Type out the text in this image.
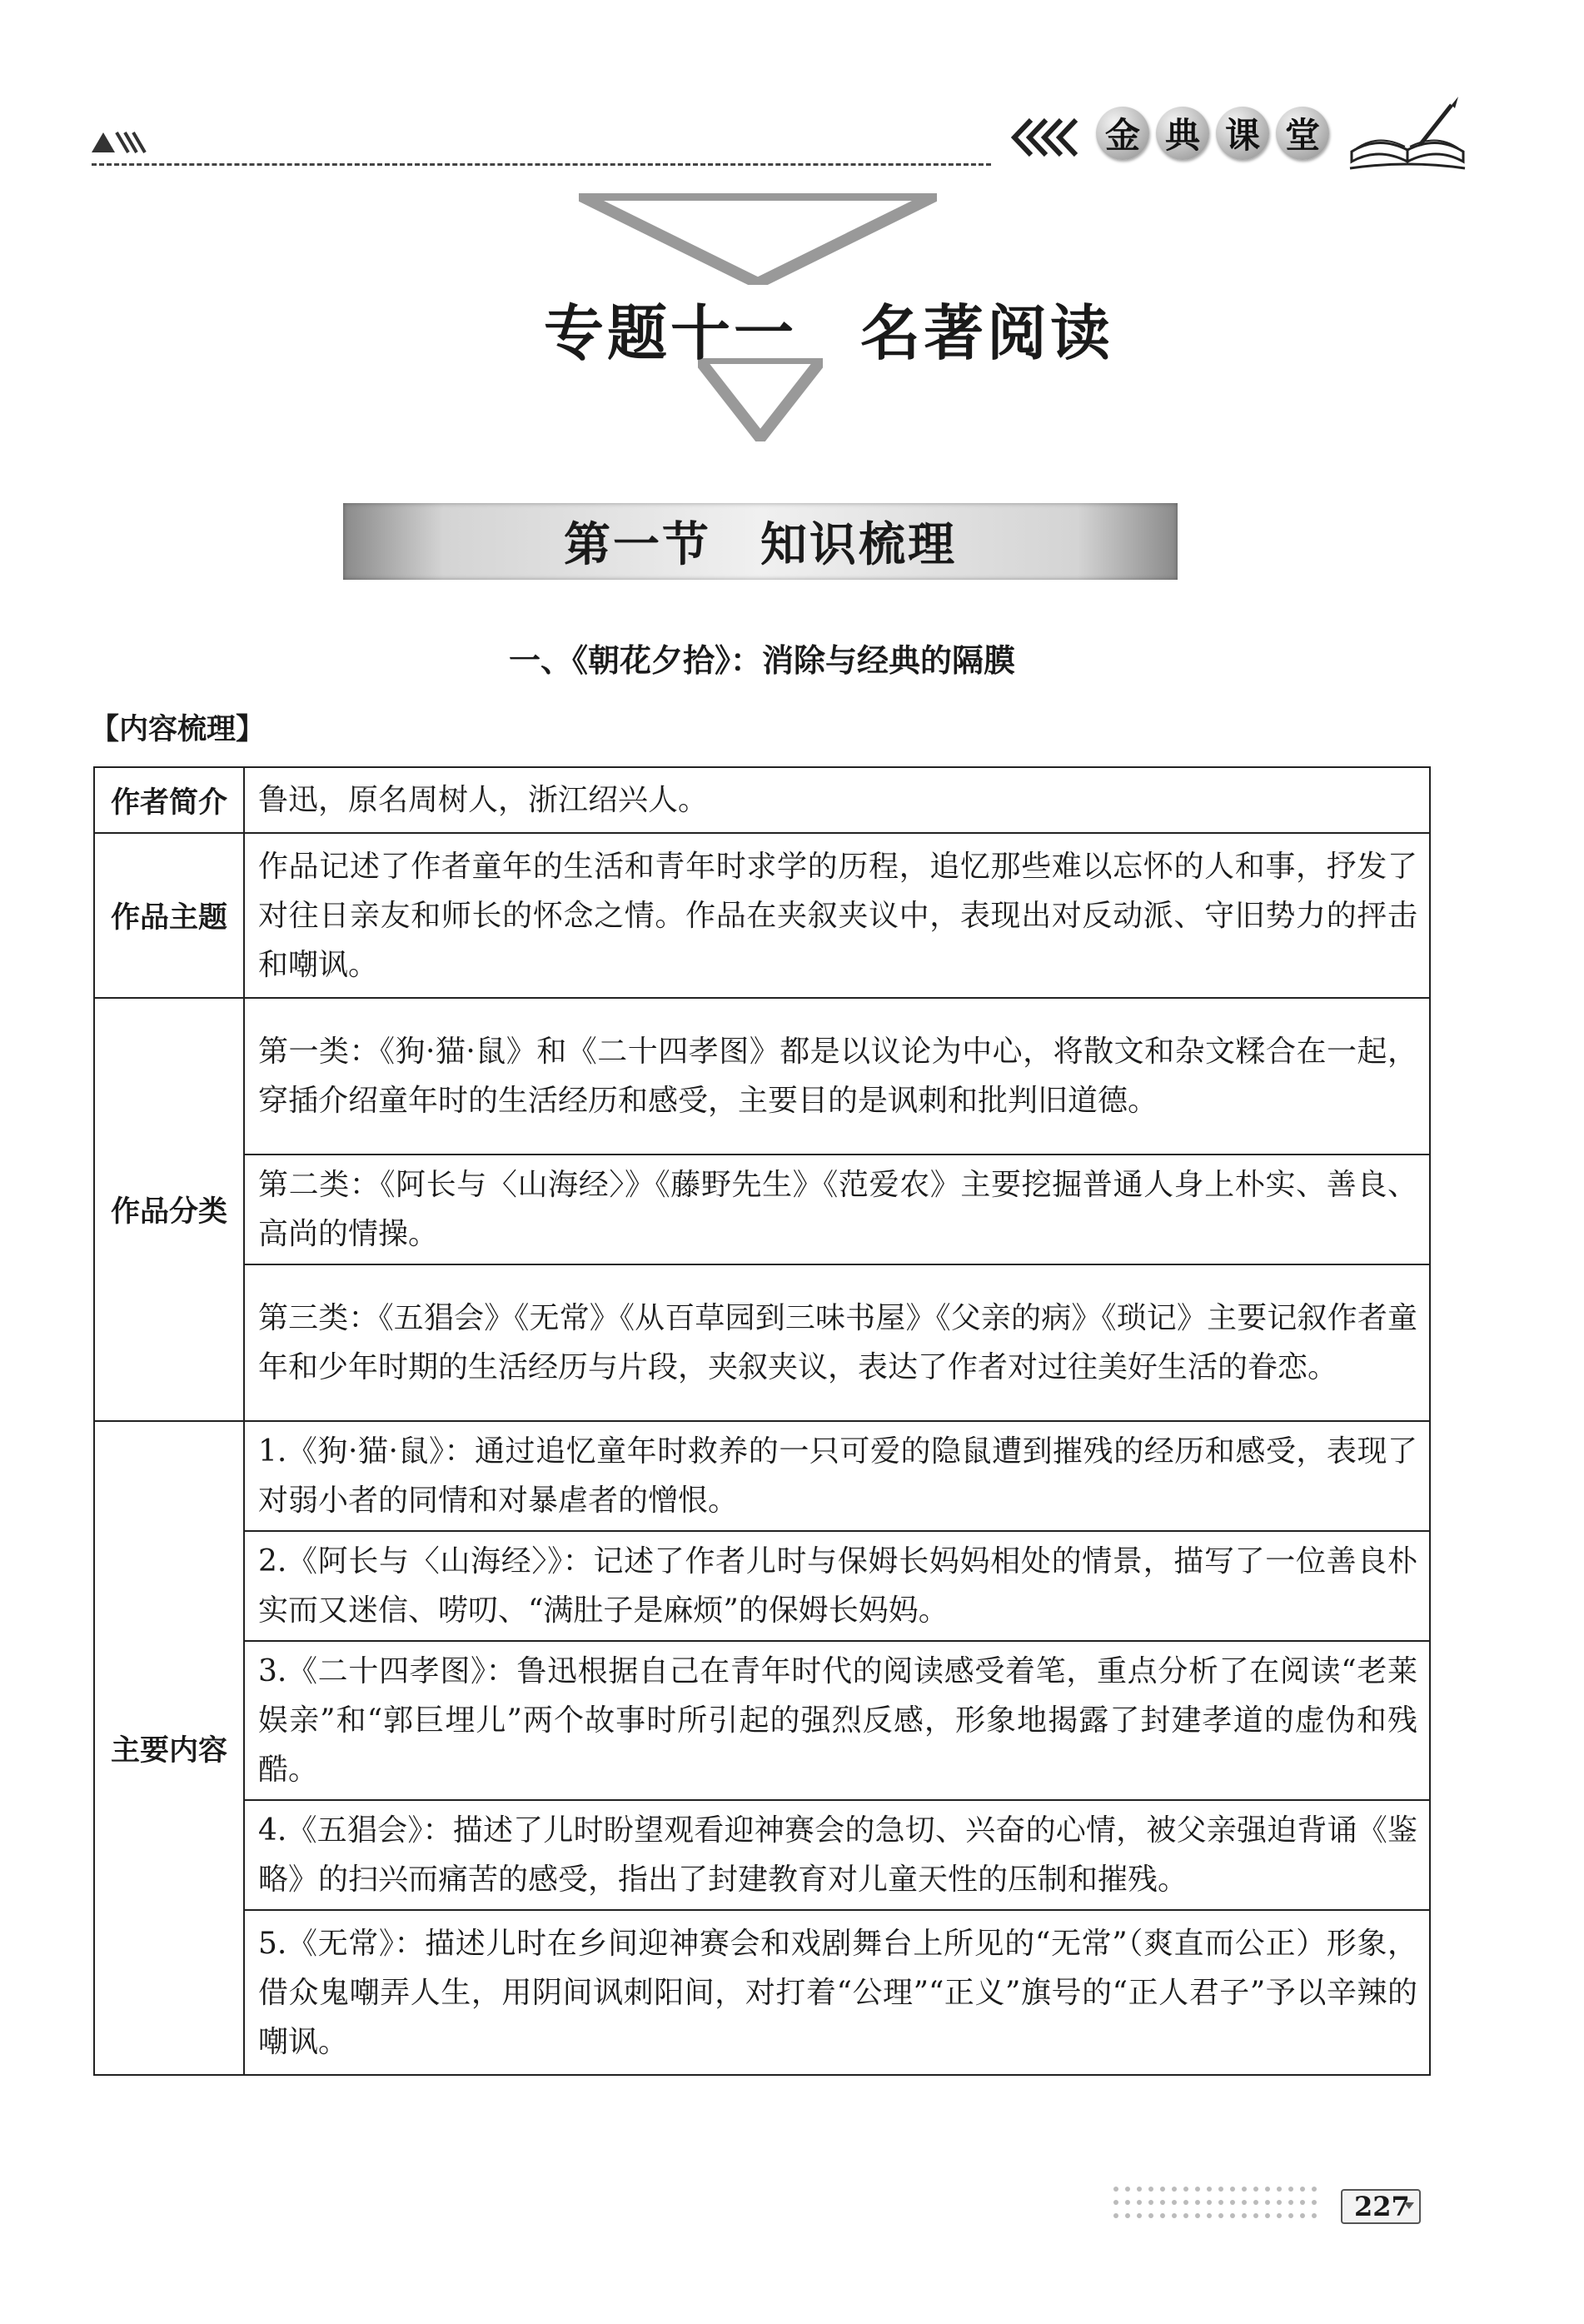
金 典 课 堂
专题十一　名著阅读
第一节　知识梳理
一、《朝花夕拾》：消除与经典的隔膜
【内容梳理】
作者简介	鲁迅，原名周树人，浙江绍兴人。
作品主题	作品记述了作者童年的生活和青年时求学的历程，追忆那些难以忘怀的人和事，抒发了对往日亲友和师长的怀念之情。作品在夹叙夹议中，表现出对反动派、守旧势力的抨击和嘲讽。
作品分类	第一类：《狗·猫·鼠》和《二十四孝图》都是以议论为中心，将散文和杂文糅合在一起，穿插介绍童年时的生活经历和感受，主要目的是讽刺和批判旧道德。
	第二类：《阿长与〈山海经〉》《藤野先生》《范爱农》主要挖掘普通人身上朴实、善良、高尚的情操。
	第三类：《五猖会》《无常》《从百草园到三味书屋》《父亲的病》《琐记》主要记叙作者童年和少年时期的生活经历与片段，夹叙夹议，表达了作者对过往美好生活的眷恋。
主要内容	1.《狗·猫·鼠》：通过追忆童年时救养的一只可爱的隐鼠遭到摧残的经历和感受，表现了对弱小者的同情和对暴虐者的憎恨。
	2.《阿长与〈山海经〉》：记述了作者儿时与保姆长妈妈相处的情景，描写了一位善良朴实而又迷信、唠叨、“满肚子是麻烦”的保姆长妈妈。
	3.《二十四孝图》：鲁迅根据自己在青年时代的阅读感受着笔，重点分析了在阅读“老莱娱亲”和“郭巨埋儿”两个故事时所引起的强烈反感，形象地揭露了封建孝道的虚伪和残酷。
	4.《五猖会》：描述了儿时盼望观看迎神赛会的急切、兴奋的心情，被父亲强迫背诵《鉴略》的扫兴而痛苦的感受，指出了封建教育对儿童天性的压制和摧残。
	5.《无常》：描述儿时在乡间迎神赛会和戏剧舞台上所见的“无常”（爽直而公正）形象，借众鬼嘲弄人生，用阴间讽刺阳间，对打着“公理”“正义”旗号的“正人君子”予以辛辣的嘲讽。
227
